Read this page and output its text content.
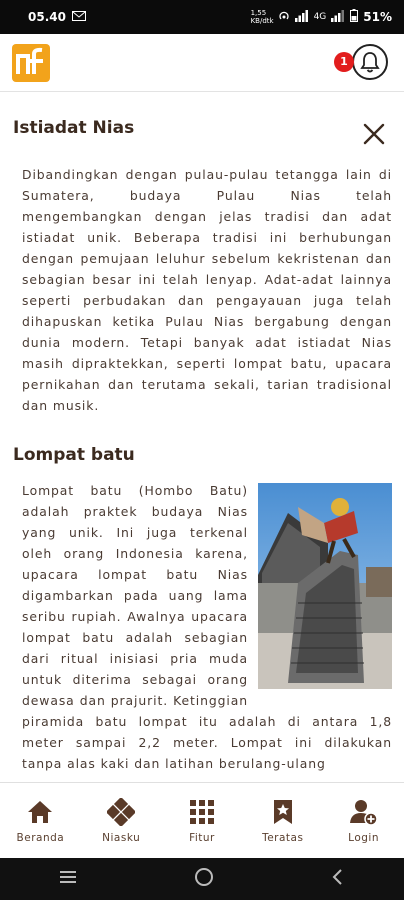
05.40	1,55 KB/dtk	4G	51%
1
Istiadat Nias

Dibandingkan dengan pulau-pulau tetangga lain di Sumatera, budaya Pulau Nias telah mengembangkan dengan jelas tradisi dan adat istiadat unik. Beberapa tradisi ini berhubungan dengan pemujaan leluhur sebelum kekristenan dan sebagian besar ini telah lenyap. Adat-adat lainnya seperti perbudakan dan pengayauan juga telah dihapuskan ketika Pulau Nias bergabung dengan dunia modern. Tetapi banyak adat istiadat Nias masih dipraktekkan, seperti lompat batu, upacara pernikahan dan terutama sekali, tarian tradisional dan musik.

Lompat batu
Lompat batu (Hombo Batu) adalah praktek budaya Nias yang unik. Ini juga terkenal oleh orang Indonesia karena, upacara lompat batu Nias digambarkan pada uang lama seribu rupiah. Awalnya upacara lompat batu adalah sebagian dari ritual inisiasi pria muda untuk diterima sebagai orang dewasa dan prajurit. Ketinggian piramida batu lompat itu adalah di antara 1,8 meter sampai 2,2 meter. Lompat ini dilakukan tanpa alas kaki dan latihan berulang-ulang
Beranda	Niasku	Fitur	Teratas	Login
